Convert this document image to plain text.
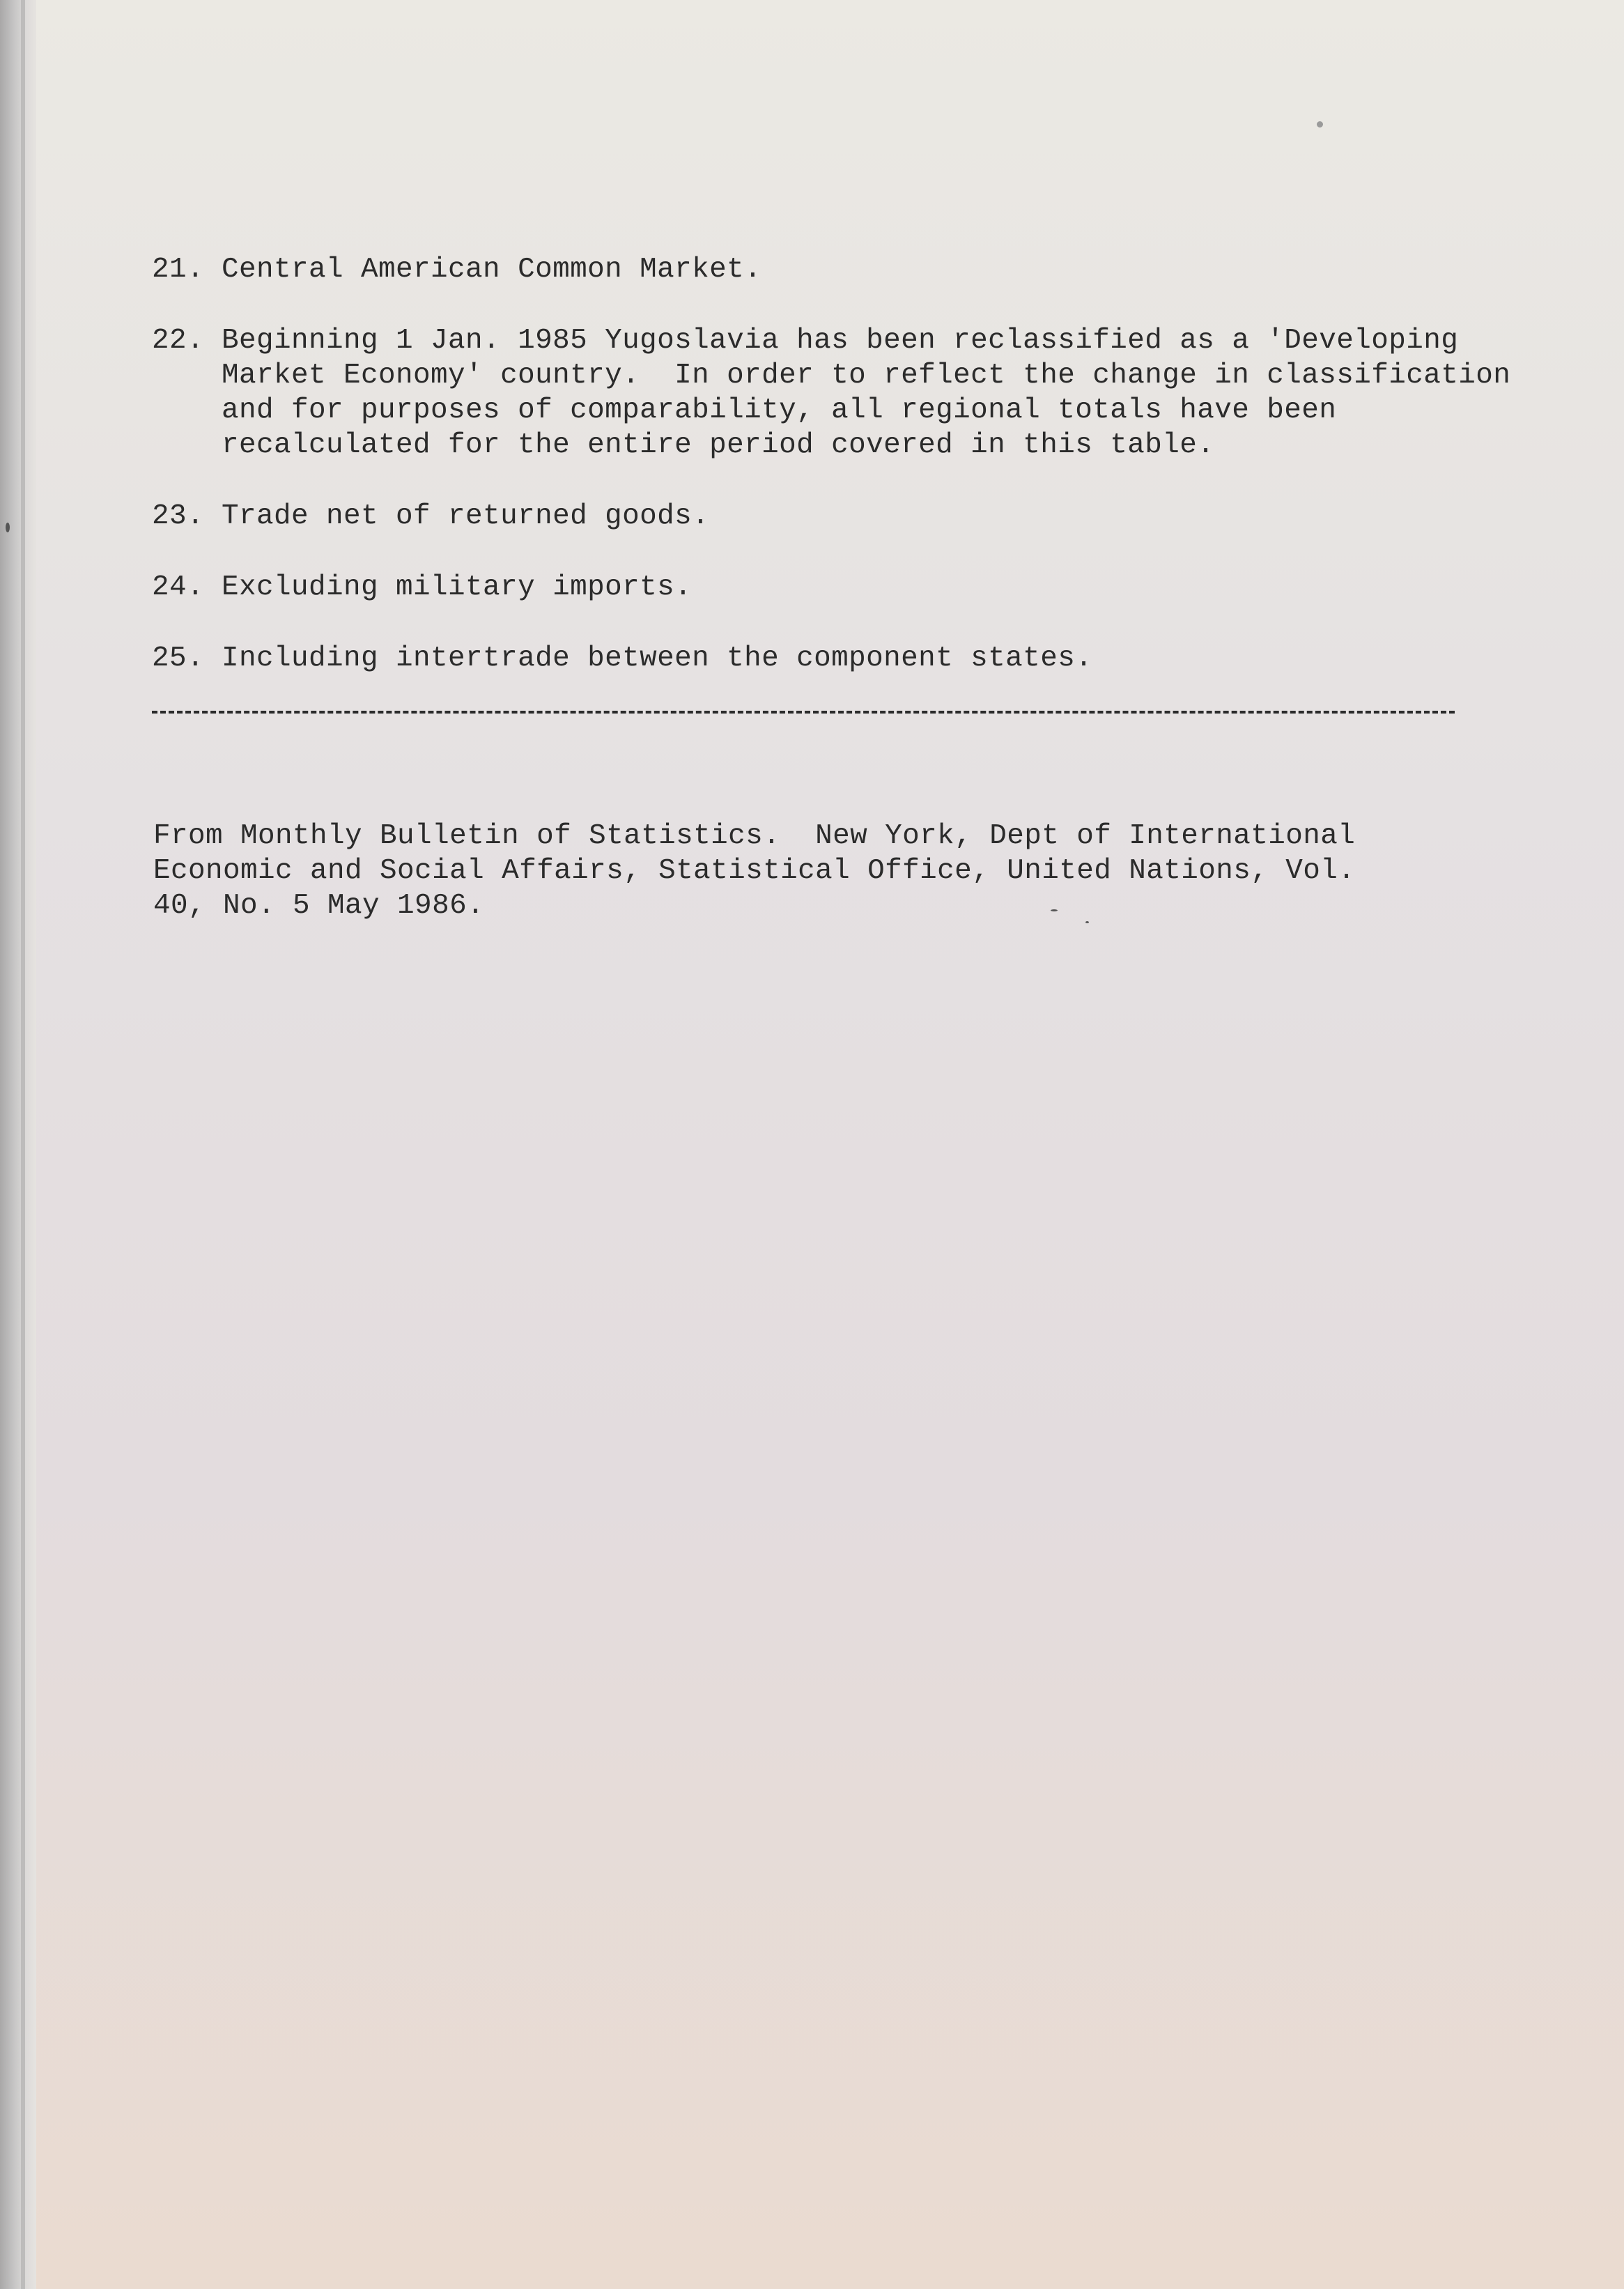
21. Central American Common Market.
22. Beginning 1 Jan. 1985 Yugoslavia has been reclassified as a 'Developing
Market Economy' country.  In order to reflect the change in classification
and for purposes of comparability, all regional totals have been
recalculated for the entire period covered in this table.
23. Trade net of returned goods.
24. Excluding military imports.
25. Including intertrade between the component states.
From Monthly Bulletin of Statistics.  New York, Dept of International
Economic and Social Affairs, Statistical Office, United Nations, Vol.
40, No. 5 May 1986.
